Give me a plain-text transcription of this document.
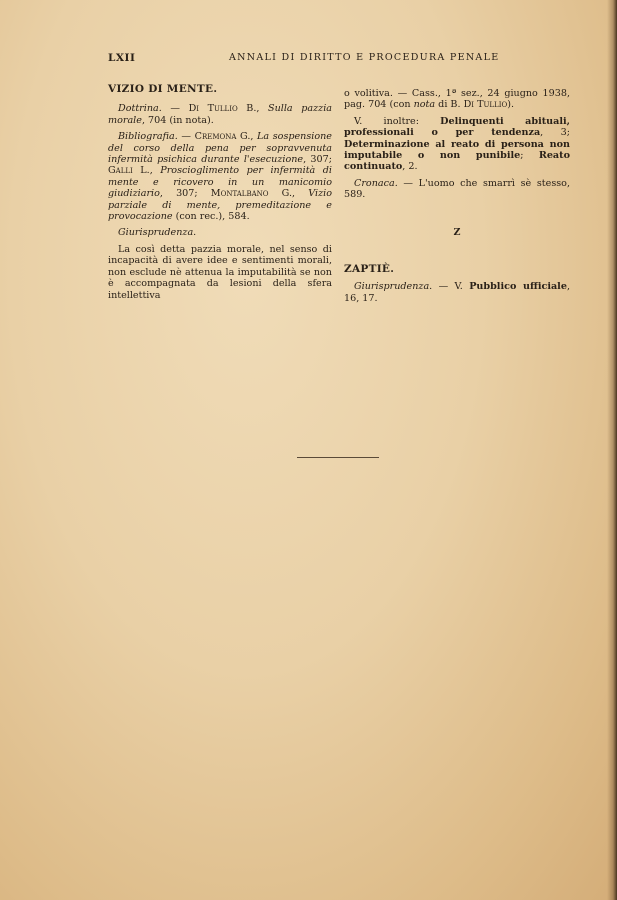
LXII	ANNALI DI DIRITTO E PROCEDURA PENALE
VIZIO DI MENTE.

Dottrina. — Di Tullio B., Sulla pazzia morale, 704 (in nota).

Bibliografia. — Cremona G., La sospensione del corso della pena per sopravvenuta infermità psichica durante l'esecuzione, 307; Galli L., Proscioglimento per infermità di mente e ricovero in un manicomio giudiziario, 307; Montalbano G., Vizio parziale di mente, premeditazione e provocazione (con rec.), 584.

Giurisprudenza.

La così detta pazzia morale, nel senso di incapacità di avere idee e sentimenti morali, non esclude nè attenua la imputabilità se non è accompagnata da lesioni della sfera intellettiva

o volitiva. — Cass., 1ª sez., 24 giugno 1938, pag. 704 (con nota di B. Di Tullio).

V. inoltre: Delinquenti abituali, professionali o per tendenza, 3; Determinazione al reato di persona non imputabile o non punibile; Reato continuato, 2.

Cronaca. — L'uomo che smarrì sè stesso, 589.

Z
ZAPTIÈ.

Giurisprudenza. — V. Pubblico ufficiale, 16, 17.
